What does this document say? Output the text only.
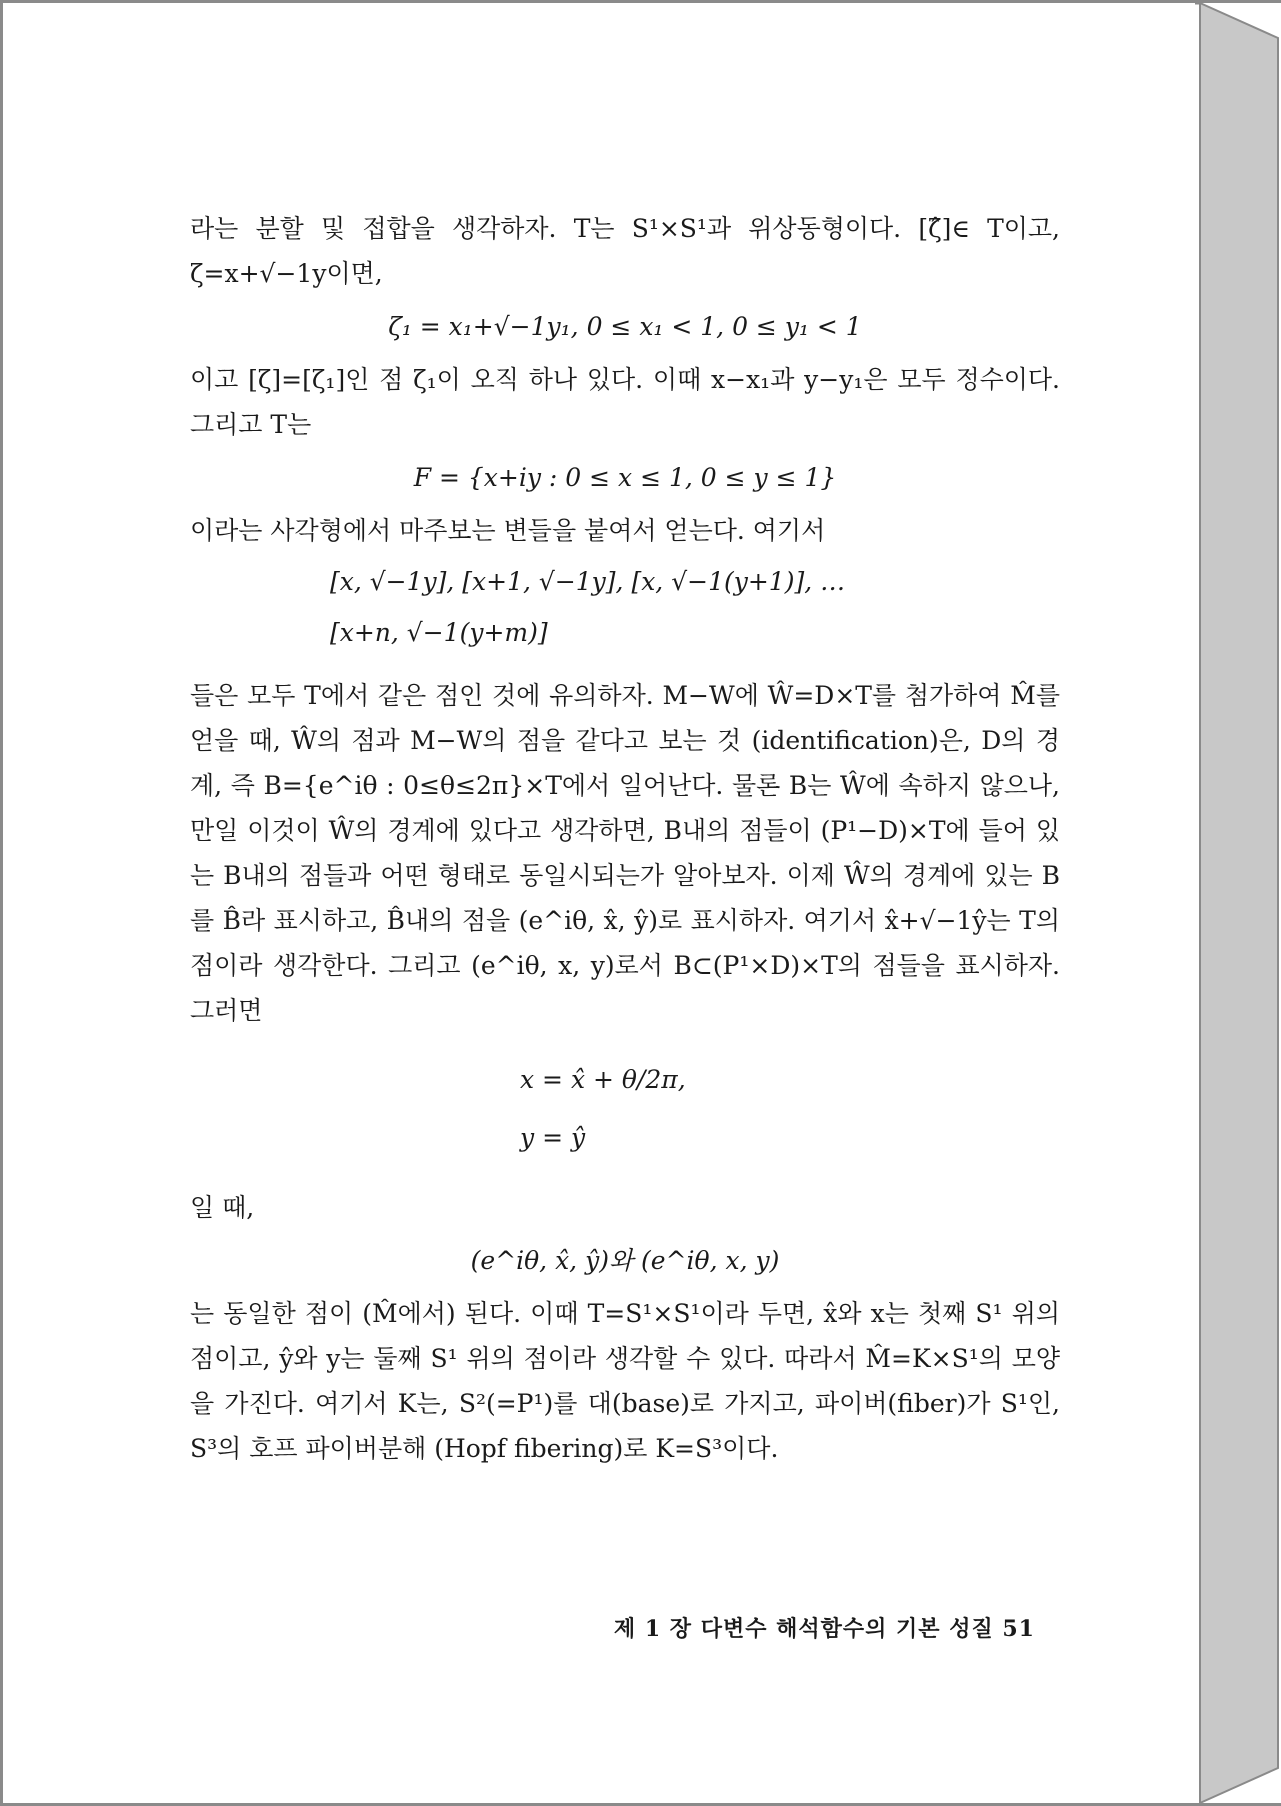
라는 분할 및 접합을 생각하자. T는 S¹×S¹과 위상동형이다. [ζ̂]∈ T이고, ζ=x+√−1y이면,

ζ₁ = x₁+√−1y₁, 0 ≤ x₁ < 1, 0 ≤ y₁ < 1

이고 [ζ]=[ζ₁]인 점 ζ₁이 오직 하나 있다. 이때 x−x₁과 y−y₁은 모두 정수이다. 그리고 T는

F = {x+iy : 0 ≤ x ≤ 1, 0 ≤ y ≤ 1}

이라는 사각형에서 마주보는 변들을 붙여서 얻는다. 여기서

[x, √−1y], [x+1, √−1y], [x, √−1(y+1)], …
[x+n, √−1(y+m)]

들은 모두 T에서 같은 점인 것에 유의하자. M−W에 Ŵ=D×T를 첨가하여 M̂를 얻을 때, Ŵ의 점과 M−W의 점을 같다고 보는 것 (identification)은, D의 경계, 즉 B={e^iθ : 0≤θ≤2π}×T에서 일어난다. 물론 B는 Ŵ에 속하지 않으나, 만일 이것이 Ŵ의 경계에 있다고 생각하면, B내의 점들이 (P¹−D)×T에 들어 있는 B내의 점들과 어떤 형태로 동일시되는가 알아보자. 이제 Ŵ의 경계에 있는 B를 B̂라 표시하고, B̂내의 점을 (e^iθ, x̂, ŷ)로 표시하자. 여기서 x̂+√−1ŷ는 T의 점이라 생각한다. 그리고 (e^iθ, x, y)로서 B⊂(P¹×D)×T의 점들을 표시하자. 그러면

x = x̂ + θ/2π,
y = ŷ

일 때,

(e^iθ, x̂, ŷ)와 (e^iθ, x, y)

는 동일한 점이 (M̂에서) 된다. 이때 T=S¹×S¹이라 두면, x̂와 x는 첫째 S¹ 위의 점이고, ŷ와 y는 둘째 S¹ 위의 점이라 생각할 수 있다. 따라서 M̂=K×S¹의 모양을 가진다. 여기서 K는, S²(=P¹)를 대(base)로 가지고, 파이버(fiber)가 S¹인, S³의 호프 파이버분해 (Hopf fibering)로 K=S³이다.

제 1 장 다변수 해석함수의 기본 성질 51
